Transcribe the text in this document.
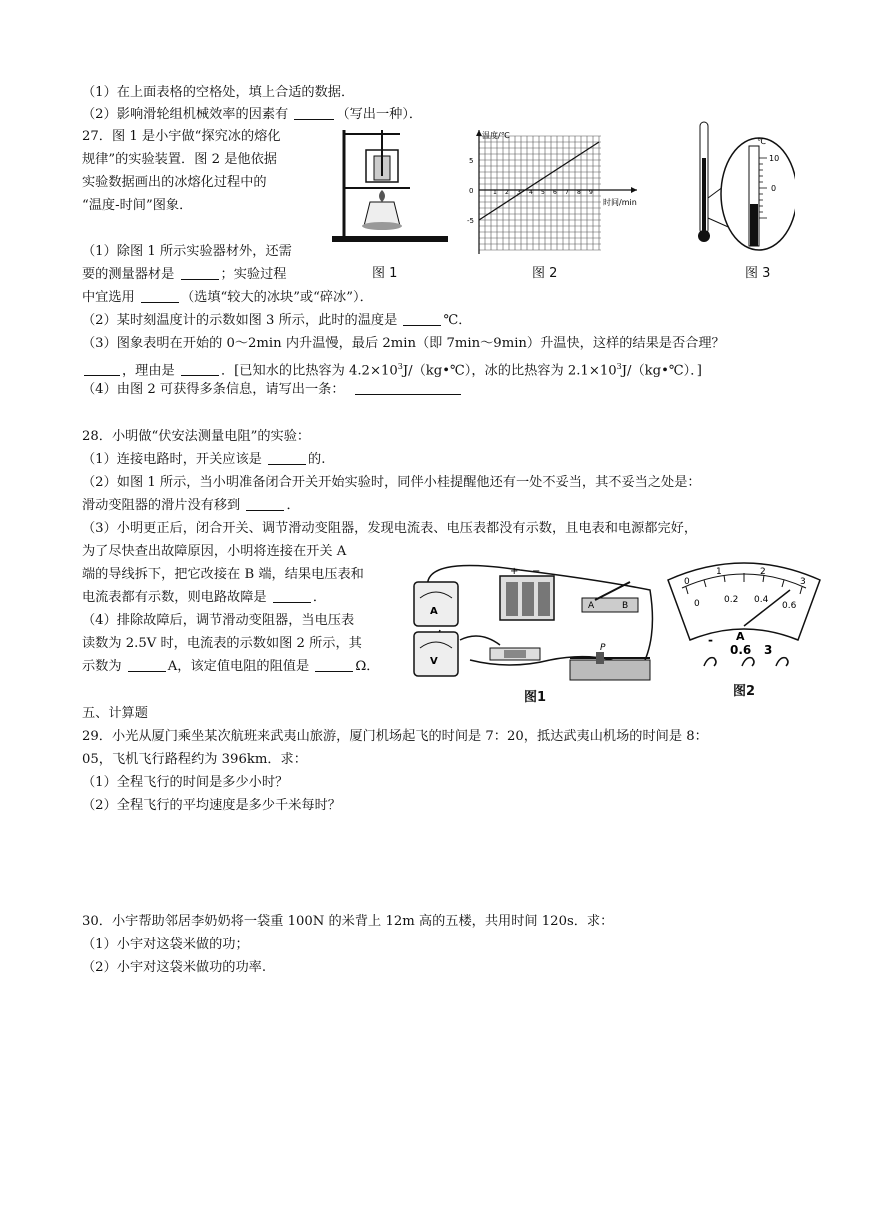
（1）在上面表格的空格处，填上合适的数据．
（2）影响滑轮组机械效率的因素有	（写出一种）．
27．图 1 是小宇做“探究冰的熔化
规律”的实验装置．图 2 是他依据
实验数据画出的冰熔化过程中的
“温度-时间”图象．
（1）除图 1 所示实验器材外，还需
要的测量器材是	；实验过程
中宜选用	（选填“较大的冰块”或“碎冰”）．
（2）某时刻温度计的示数如图 3 所示，此时的温度是	℃．
（3）图象表明在开始的 0～2min 内升温慢，最后 2min（即 7min～9min）升温快，这样的结果是否合理？
，理由是	．[已知水的比热容为 $4.2\times 10^3J/(kg•℃)$，冰的比热容为 $2.1\times 10^3J/(kg•℃)$．]
（4）由图 2 可获得多条信息，请写出一条：
图 1
温度/℃
时间/min
5
0
-5
1 2 3 4 5 6 7 8 9
图 2
℃
10
0
图 3
28．小明做“伏安法测量电阻”的实验：
（1）连接电路时，开关应该是	的.
（2）如图 1 所示，当小明准备闭合开关开始实验时，同伴小桂提醒他还有一处不妥当，其不妥当之处是：
滑动变阻器的滑片没有移到	．
（3）小明更正后，闭合开关、调节滑动变阻器，发现电流表、电压表都没有示数，且电表和电源都完好，
为了尽快查出故障原因，小明将连接在开关 A
端的导线拆下，把它改接在 B 端，结果电压表和
电流表都有示数，则电路故障是	．
（4）排除故障后，调节滑动变阻器，当电压表
读数为 2.5V 时，电流表的示数如图 2 所示，其
示数为	A，该定值电阻的阻值是	Ω．
A
+ −
A	B
V
P
图1
0
1	2
3
0	0.2 0.4
0.6
A
-
0.6 3
图2
五、计算题
29．小光从厦门乘坐某次航班来武夷山旅游，厦门机场起飞的时间是 7：20，抵达武夷山机场的时间是 8：
05，飞机飞行路程约为 396km．求：
（1）全程飞行的时间是多少小时？
（2）全程飞行的平均速度是多少千米每时？
30．小宇帮助邻居李奶奶将一袋重 100N 的米背上 12m 高的五楼，共用时间 120s．求：
（1）小宇对这袋米做的功；
（2）小宇对这袋米做功的功率.
